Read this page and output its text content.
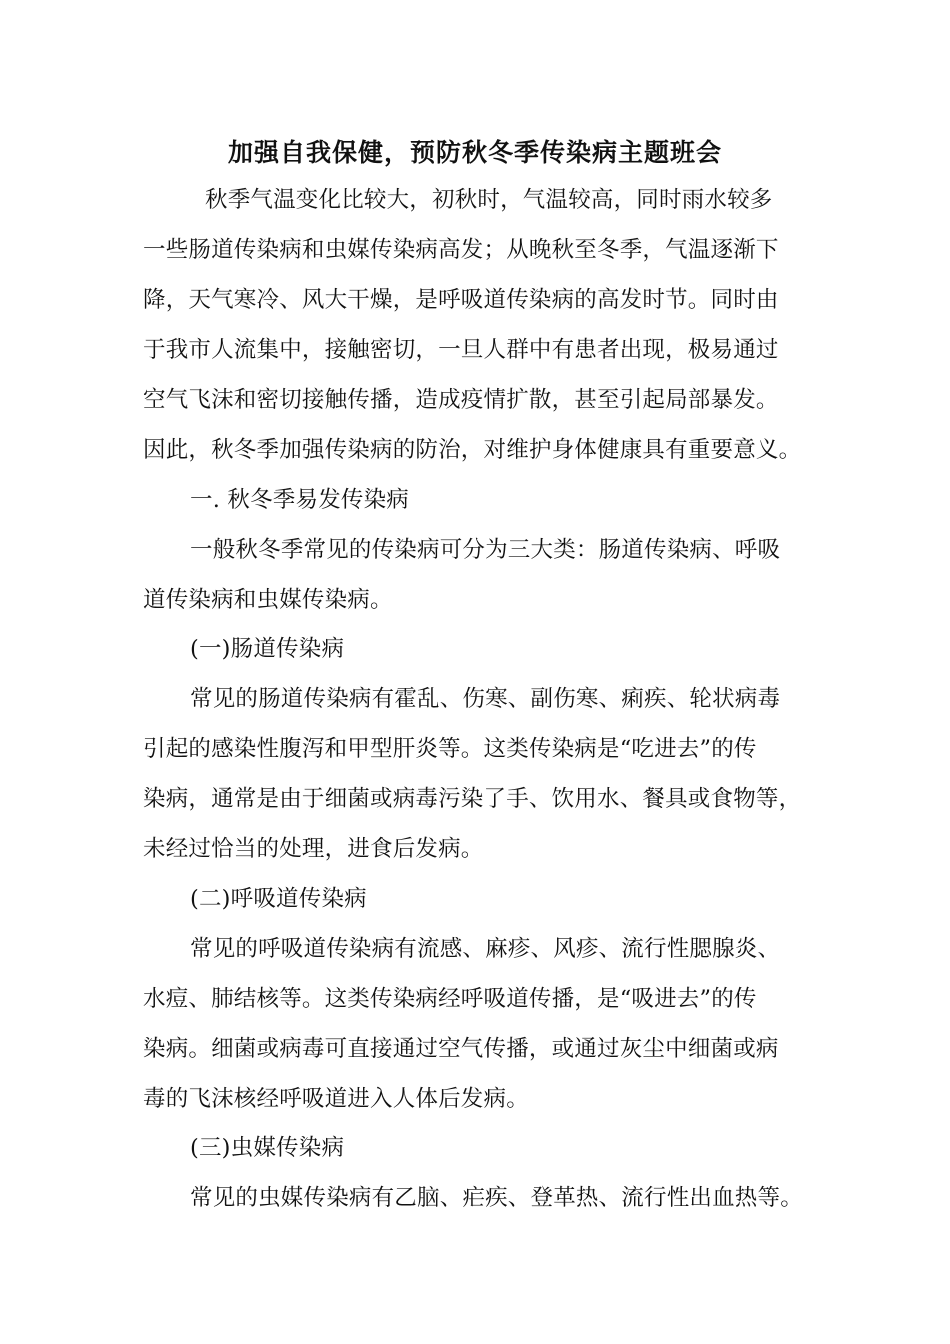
加强自我保健，预防秋冬季传染病主题班会
秋季气温变化比较大，初秋时，气温较高，同时雨水较多
一些肠道传染病和虫媒传染病高发；从晚秋至冬季，气温逐渐下
降，天气寒冷、风大干燥，是呼吸道传染病的高发时节。同时由
于我市人流集中，接触密切，一旦人群中有患者出现，极易通过
空气飞沫和密切接触传播，造成疫情扩散，甚至引起局部暴发。
因此，秋冬季加强传染病的防治，对维护身体健康具有重要意义。
一. 秋冬季易发传染病
一般秋冬季常见的传染病可分为三大类：肠道传染病、呼吸
道传染病和虫媒传染病。
(一)肠道传染病
常见的肠道传染病有霍乱、伤寒、副伤寒、痢疾、轮状病毒
引起的感染性腹泻和甲型肝炎等。这类传染病是“吃进去”的传
染病，通常是由于细菌或病毒污染了手、饮用水、餐具或食物等，
未经过恰当的处理，进食后发病。
(二)呼吸道传染病
常见的呼吸道传染病有流感、麻疹、风疹、流行性腮腺炎、
水痘、肺结核等。这类传染病经呼吸道传播，是“吸进去”的传
染病。细菌或病毒可直接通过空气传播，或通过灰尘中细菌或病
毒的飞沫核经呼吸道进入人体后发病。
(三)虫媒传染病
常见的虫媒传染病有乙脑、疟疾、登革热、流行性出血热等。
